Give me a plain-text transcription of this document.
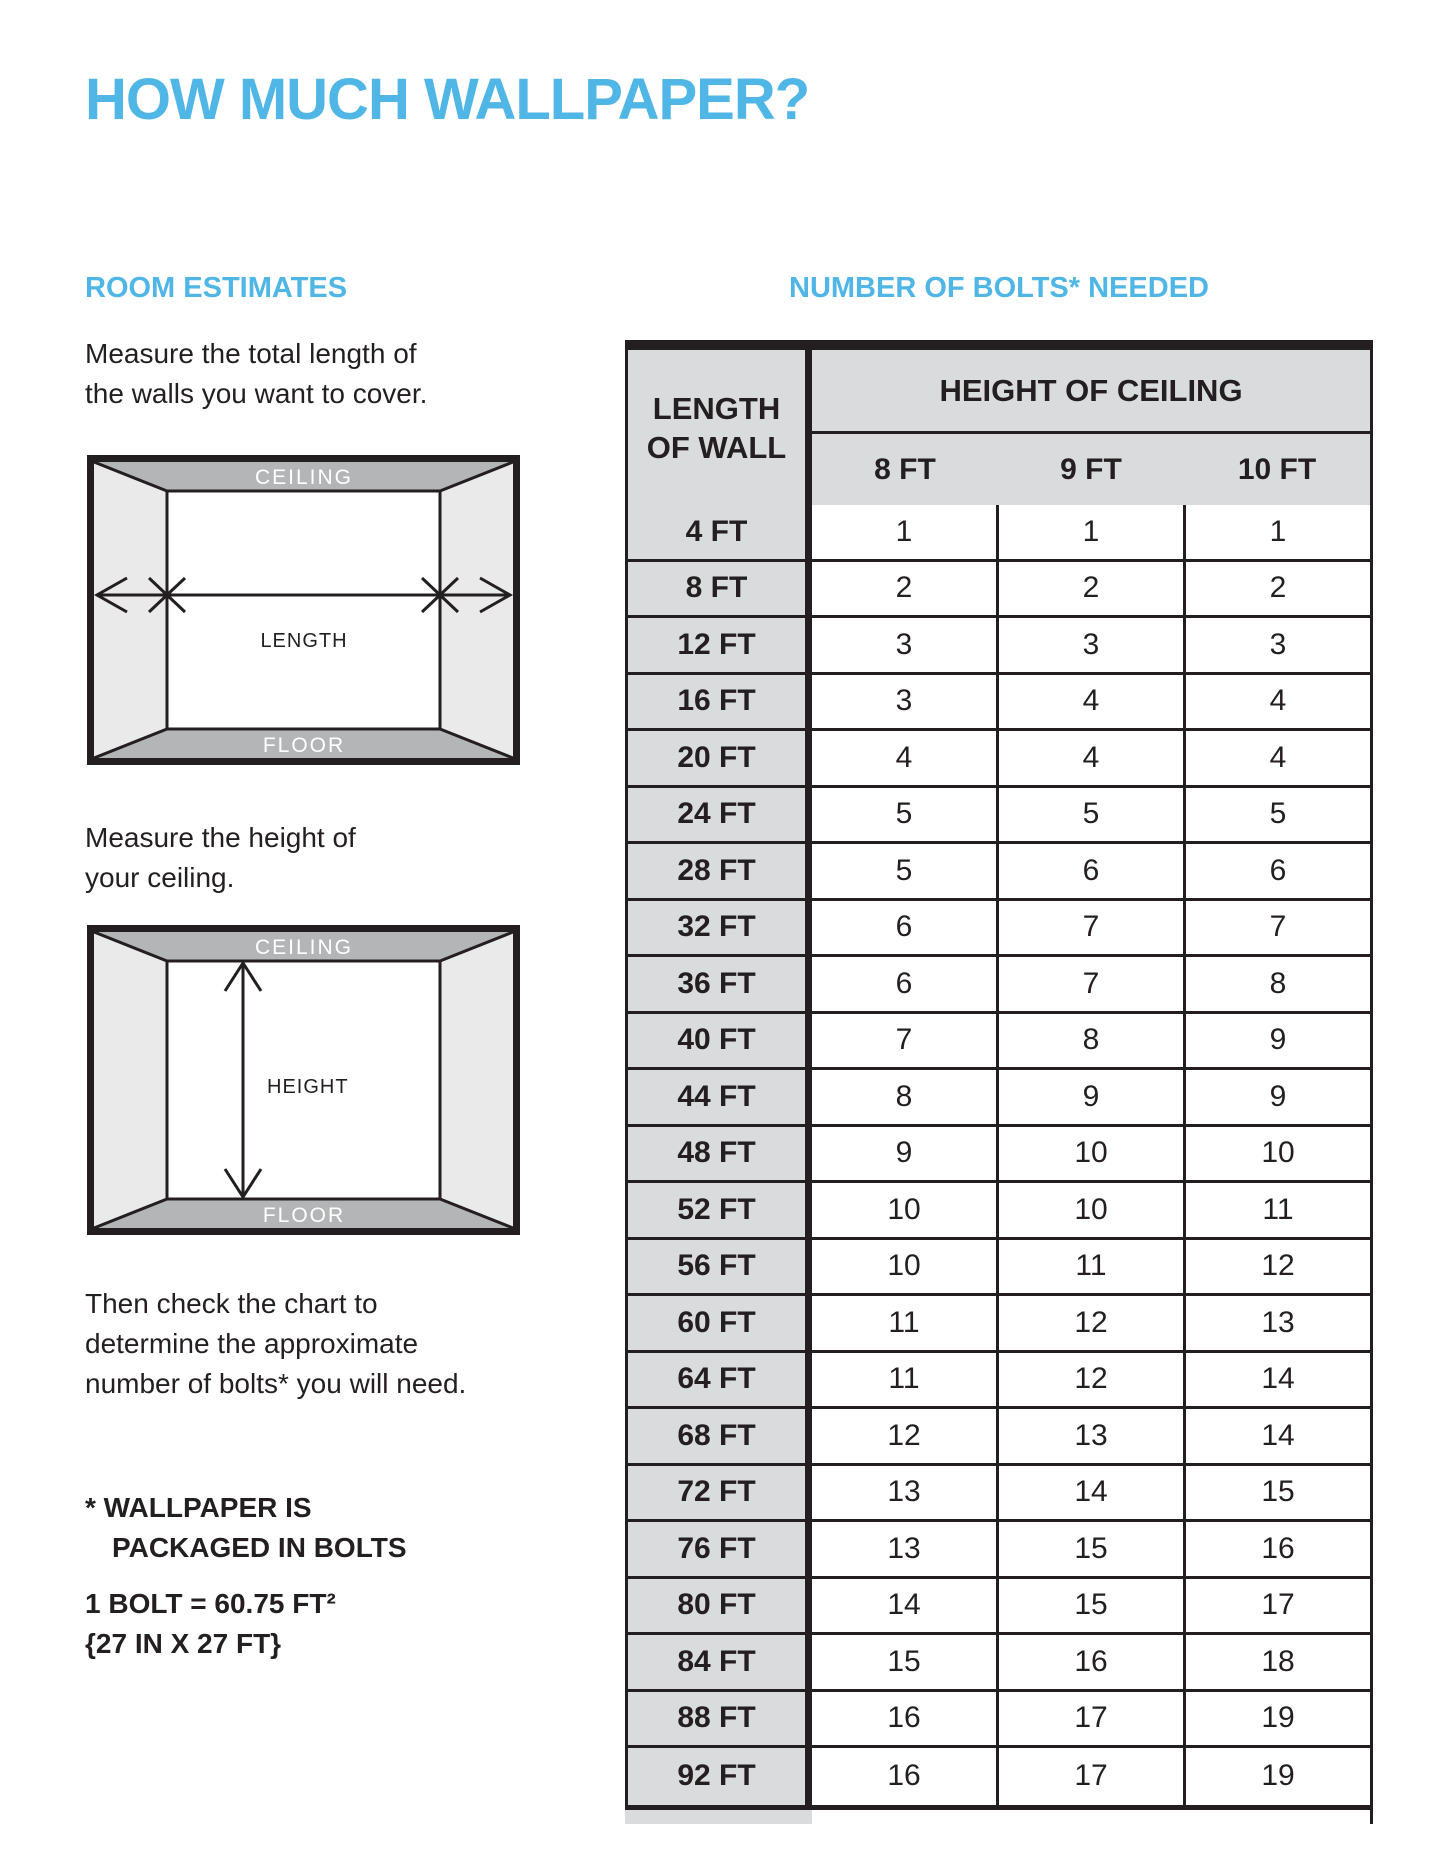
HOW MUCH WALLPAPER?
ROOM ESTIMATES	NUMBER OF BOLTS* NEEDED

Measure the total length of
the walls you want to cover.

CEILING
FLOOR
LENGTH

Measure the height of
your ceiling.

CEILING
FLOOR
HEIGHT

Then check the chart to
determine the approximate
number of bolts* you will need.

* WALLPAPER IS
PACKAGED IN BOLTS

1 BOLT = 60.75 FT²
{27 IN X 27 FT}

LENGTH
OF WALL
HEIGHT OF CEILING
8 FT	9 FT	10 FT
4 FT	1	1	1
8 FT	2	2	2
12 FT	3	3	3
16 FT	3	4	4
20 FT	4	4	4
24 FT	5	5	5
28 FT	5	6	6
32 FT	6	7	7
36 FT	6	7	8
40 FT	7	8	9
44 FT	8	9	9
48 FT	9	10	10
52 FT	10	10	11
56 FT	10	11	12
60 FT	11	12	13
64 FT	11	12	14
68 FT	12	13	14
72 FT	13	14	15
76 FT	13	15	16
80 FT	14	15	17
84 FT	15	16	18
88 FT	16	17	19
92 FT	16	17	19
